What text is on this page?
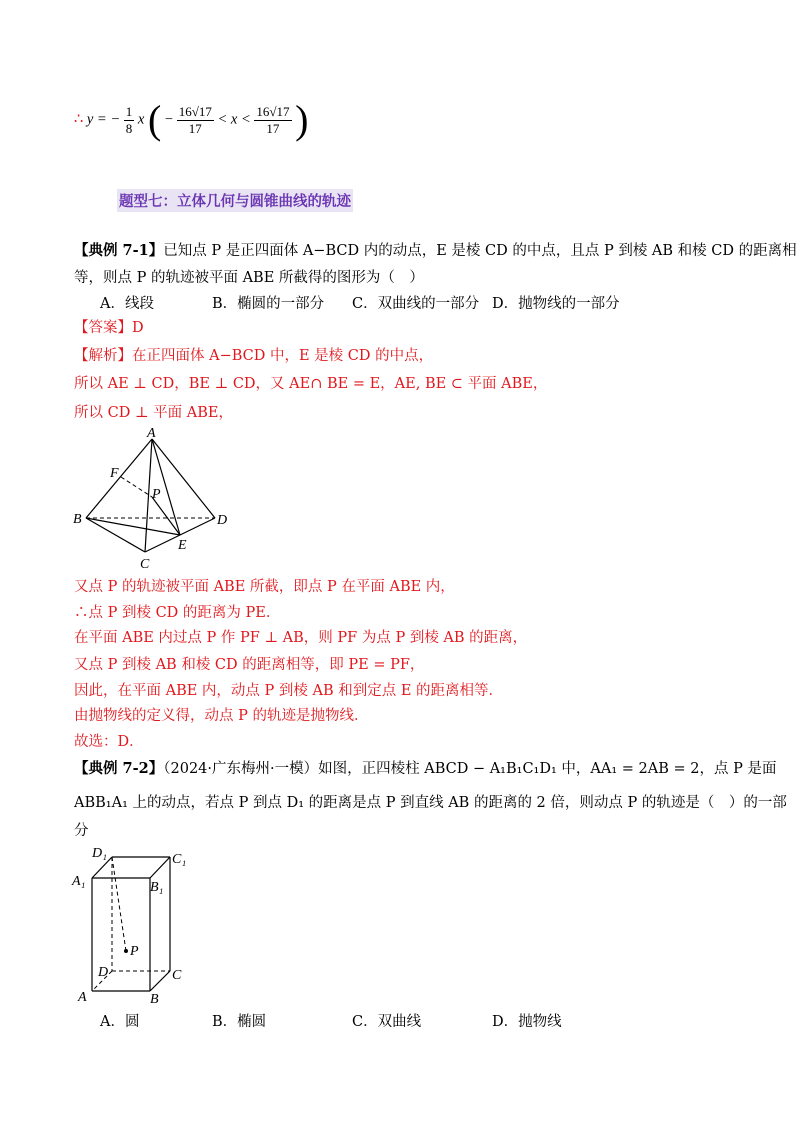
∴ y = − $\frac{1}{8}$ x ( − $\frac{16√17}{17} < x < \frac{16√17}{17}$ )
题型七：立体几何与圆锥曲线的轨迹
【典例 7-1】已知点 P 是正四面体 A−BCD 内的动点，E 是棱 CD 的中点，且点 P 到棱 AB 和棱 CD 的距离相
等，则点 P 的轨迹被平面 ABE 所截得的图形为（　）
A．线段	B．椭圆的一部分 C．双曲线的一部分 D．抛物线的一部分
【答案】D
【解析】在正四面体 A−BCD 中，E 是棱 CD 的中点，
所以 AE ⊥ CD，BE ⊥ CD，又 AE∩ BE = E，AE, BE ⊂ 平面 ABE，
所以 CD ⊥ 平面 ABE，
A
B
C
D
E
F
P
又点 P 的轨迹被平面 ABE 所截，即点 P 在平面 ABE 内，
∴点 P 到棱 CD 的距离为 PE．
在平面 ABE 内过点 P 作 PF ⊥ AB，则 PF 为点 P 到棱 AB 的距离，
又点 P 到棱 AB 和棱 CD 的距离相等，即 PE = PF，
因此，在平面 ABE 内，动点 P 到棱 AB 和到定点 E 的距离相等．
由抛物线的定义得，动点 P 的轨迹是抛物线．
故选：D．
【典例 7-2】（2024·广东梅州·一模）如图，正四棱柱 ABCD − A₁B₁C₁D₁ 中，AA₁ = 2AB = 2，点 P 是面
ABB₁A₁ 上的动点，若点 P 到点 D₁ 的距离是点 P 到直线 AB 的距离的 2 倍，则动点 P 的轨迹是（　）的一部
分
D₁	C₁
A₁	B₁
P
D	C
A	B
A．圆	B．椭圆	C．双曲线	D．抛物线
